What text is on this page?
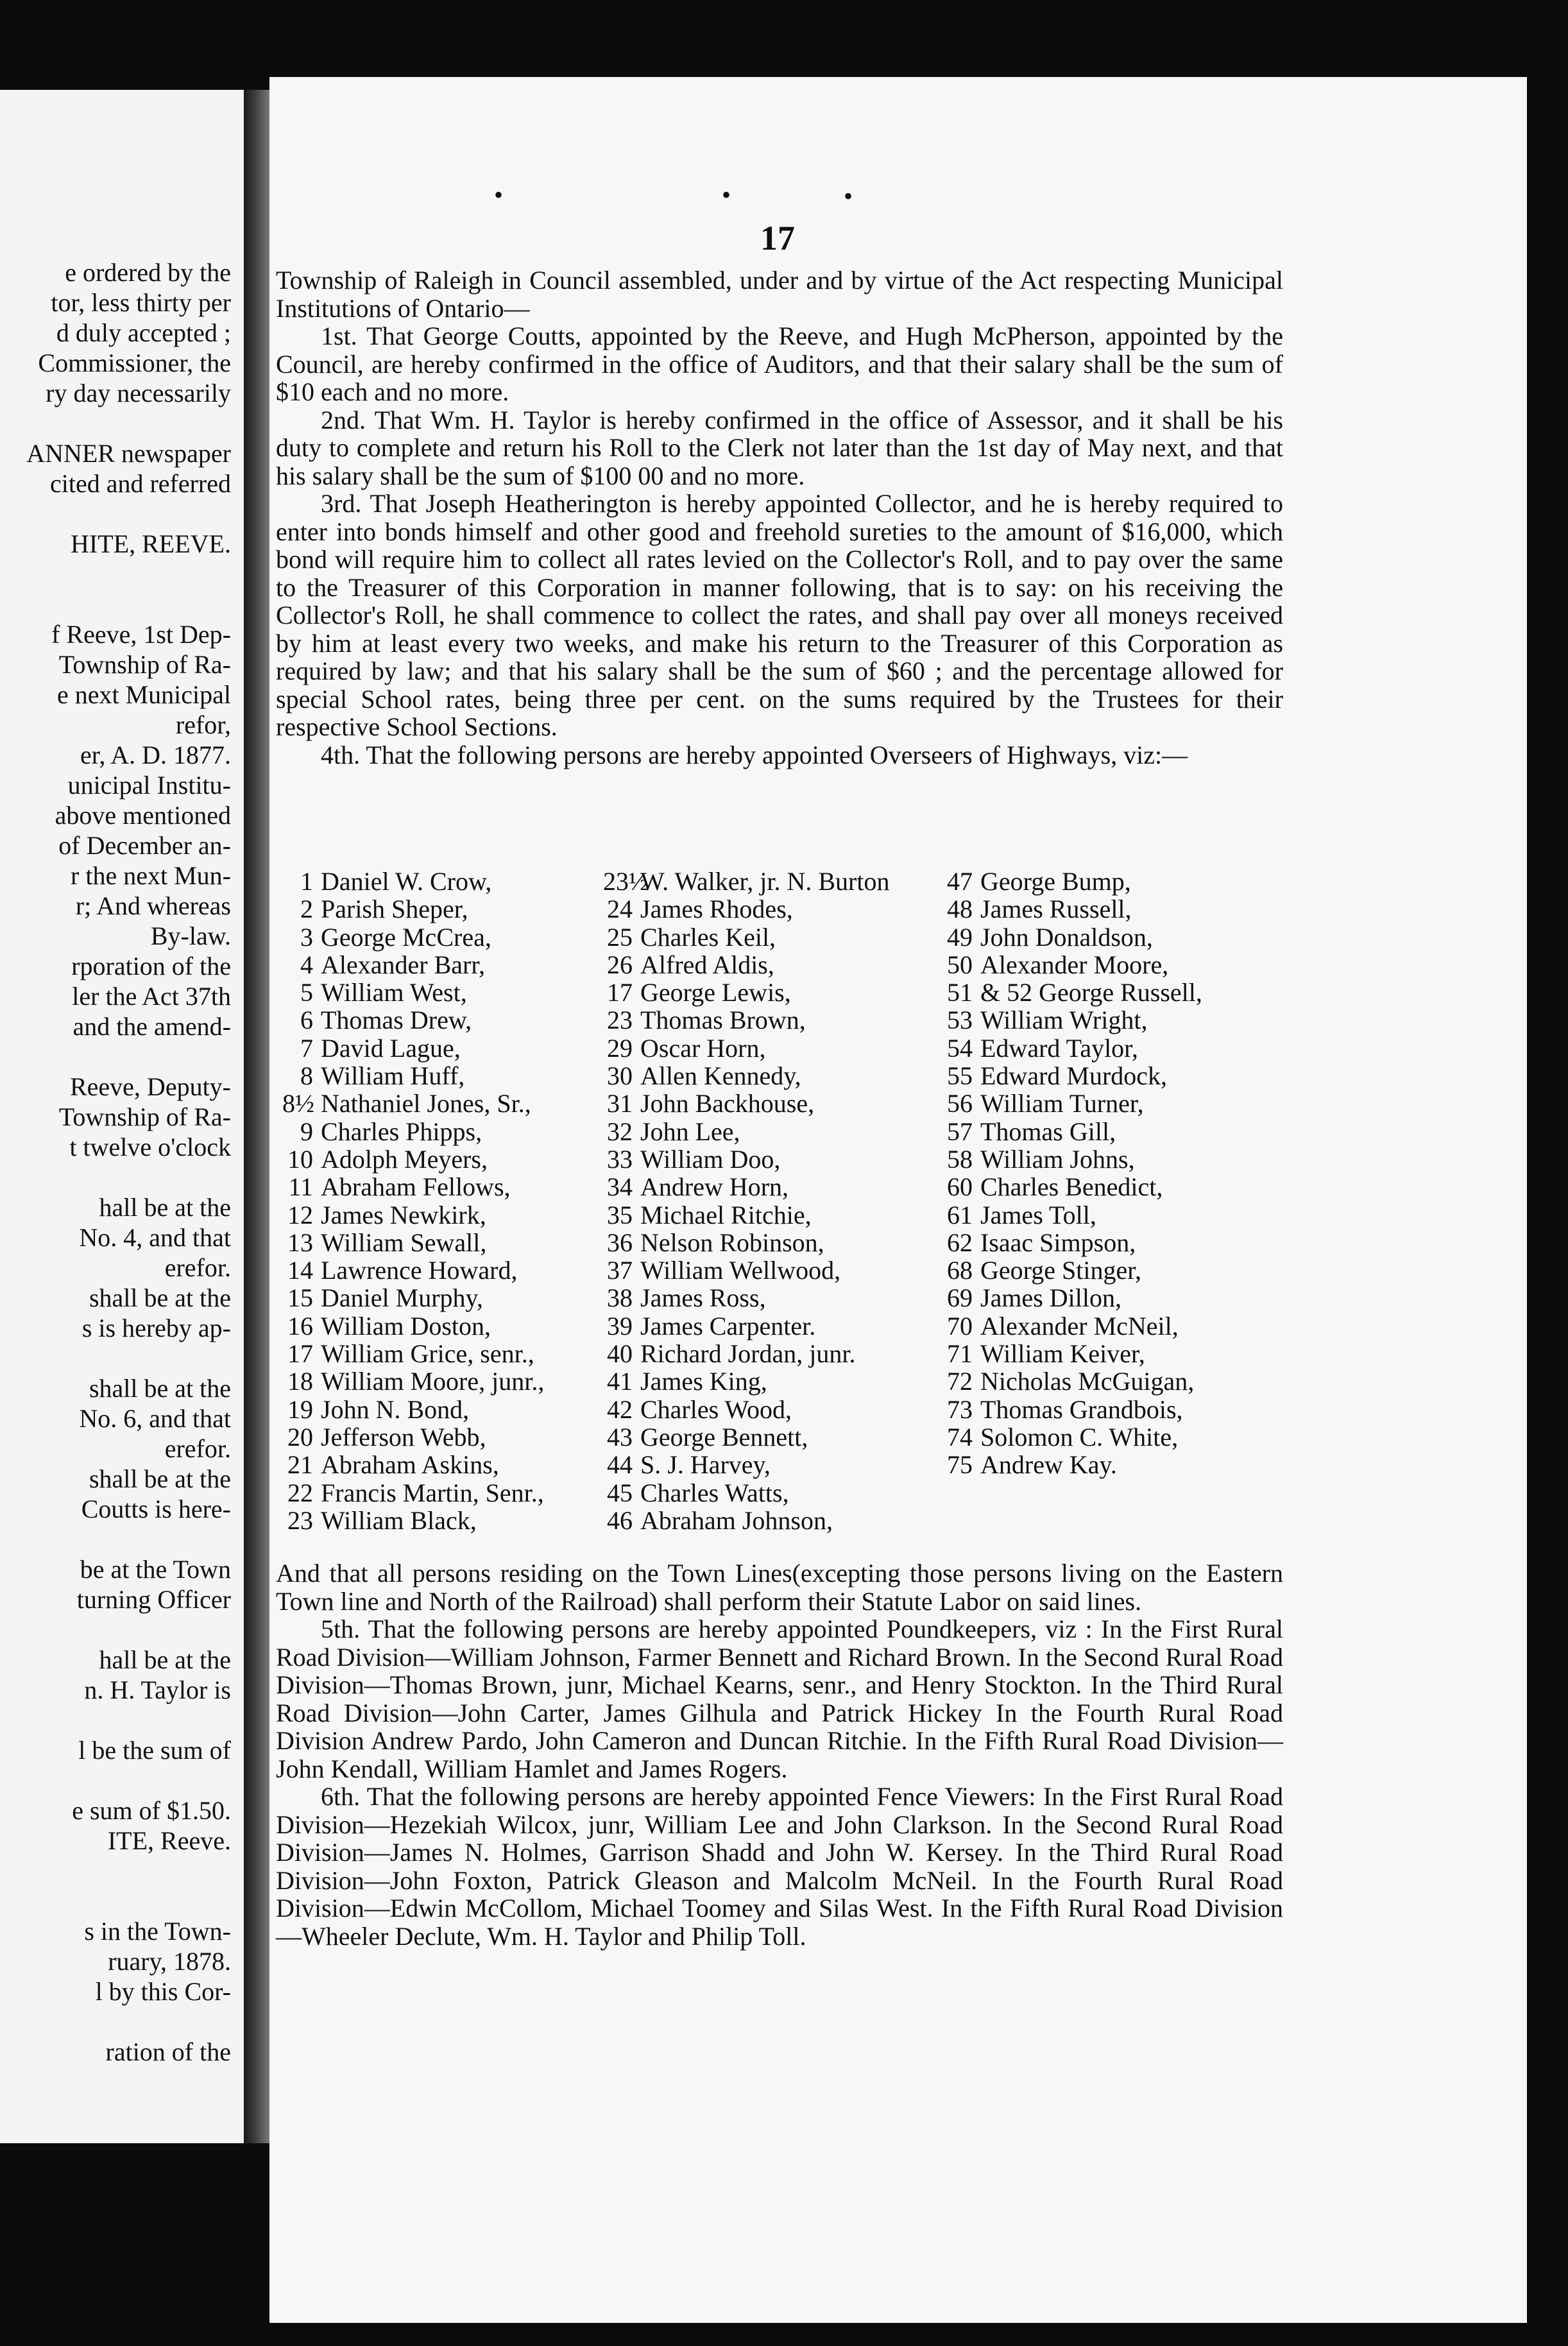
e ordered by the
tor, less thirty per
d duly accepted ;
Commissioner, the
ry day necessarily
ANNER newspaper
cited and referred
HITE, REEVE.
f Reeve, 1st Dep-
Township of Ra-
e next Municipal
refor,
er, A. D. 1877.
unicipal Institu-
above mentioned
of December an-
r the next Mun-
r; And whereas
By-law.
rporation of the
ler the Act 37th
and the amend-
Reeve, Deputy-
Township of Ra-
t twelve o'clock
hall be at the
No. 4, and that
erefor.
shall be at the
s is hereby ap-
shall be at the
No. 6, and that
erefor.
shall be at the
Coutts is here-
be at the Town
turning Officer
hall be at the
n. H. Taylor is
l be the sum of
e sum of $1.50.
ITE, Reeve.
s in the Town-
ruary, 1878.
l by this Cor-
ration of the
•	•	•
17

Township of Raleigh in Council assembled, under and by virtue of the Act respecting Municipal Institutions of Ontario—

1st. That George Coutts, appointed by the Reeve, and Hugh McPherson, appointed by the Council, are hereby confirmed in the office of Auditors, and that their salary shall be the sum of $10 each and no more.

2nd. That Wm. H. Taylor is hereby confirmed in the office of Assessor, and it shall be his duty to complete and return his Roll to the Clerk not later than the 1st day of May next, and that his salary shall be the sum of $100 00 and no more.

3rd. That Joseph Heatherington is hereby appointed Collector, and he is hereby required to enter into bonds himself and other good and freehold sureties to the amount of $16,000, which bond will require him to collect all rates levied on the Collector's Roll, and to pay over the same to the Treasurer of this Corporation in manner following, that is to say: on his receiving the Collector's Roll, he shall commence to collect the rates, and shall pay over all moneys received by him at least every two weeks, and make his return to the Treasurer of this Corporation as required by law; and that his salary shall be the sum of $60 ; and the percentage allowed for special School rates, being three per cent. on the sums required by the Trustees for their respective School Sections.

4th. That the following persons are hereby appointed Overseers of Highways, viz:—

1 Daniel W. Crow,
2 Parish Sheper,
3 George McCrea,
4 Alexander Barr,
5 William West,
6 Thomas Drew,
7 David Lague,
8 William Huff,
8½ Nathaniel Jones, Sr.,
9 Charles Phipps,
10 Adolph Meyers,
11 Abraham Fellows,
12 James Newkirk,
13 William Sewall,
14 Lawrence Howard,
15 Daniel Murphy,
16 William Doston,
17 William Grice, senr.,
18 William Moore, junr.,
19 John N. Bond,
20 Jefferson Webb,
21 Abraham Askins,
22 Francis Martin, Senr.,
23 William Black,
23½W. Walker, jr. N. Burton
24 James Rhodes,
25 Charles Keil,
26 Alfred Aldis,
17 George Lewis,
23 Thomas Brown,
29 Oscar Horn,
30 Allen Kennedy,
31 John Backhouse,
32 John Lee,
33 William Doo,
34 Andrew Horn,
35 Michael Ritchie,
36 Nelson Robinson,
37 William Wellwood,
38 James Ross,
39 James Carpenter.
40 Richard Jordan, junr.
41 James King,
42 Charles Wood,
43 George Bennett,
44 S. J. Harvey,
45 Charles Watts,
46 Abraham Johnson,
47 George Bump,
48 James Russell,
49 John Donaldson,
50 Alexander Moore,
51 & 52 George Russell,
53 William Wright,
54 Edward Taylor,
55 Edward Murdock,
56 William Turner,
57 Thomas Gill,
58 William Johns,
60 Charles Benedict,
61 James Toll,
62 Isaac Simpson,
68 George Stinger,
69 James Dillon,
70 Alexander McNeil,
71 William Keiver,
72 Nicholas McGuigan,
73 Thomas Grandbois,
74 Solomon C. White,
75 Andrew Kay.

And that all persons residing on the Town Lines(excepting those persons living on the Eastern Town line and North of the Railroad) shall perform their Statute Labor on said lines.

5th. That the following persons are hereby appointed Poundkeepers, viz : In the First Rural Road Division—William Johnson, Farmer Bennett and Richard Brown. In the Second Rural Road Division—Thomas Brown, junr, Michael Kearns, senr., and Henry Stockton. In the Third Rural Road Division—John Carter, James Gilhula and Patrick Hickey In the Fourth Rural Road Division Andrew Pardo, John Cameron and Duncan Ritchie. In the Fifth Rural Road Division—John Kendall, William Hamlet and James Rogers.

6th. That the following persons are hereby appointed Fence Viewers: In the First Rural Road Division—Hezekiah Wilcox, junr, William Lee and John Clarkson. In the Second Rural Road Division—James N. Holmes, Garrison Shadd and John W. Kersey. In the Third Rural Road Division—John Foxton, Patrick Gleason and Malcolm McNeil. In the Fourth Rural Road Division—Edwin McCollom, Michael Toomey and Silas West. In the Fifth Rural Road Division—Wheeler Declute, Wm. H. Taylor and Philip Toll.
